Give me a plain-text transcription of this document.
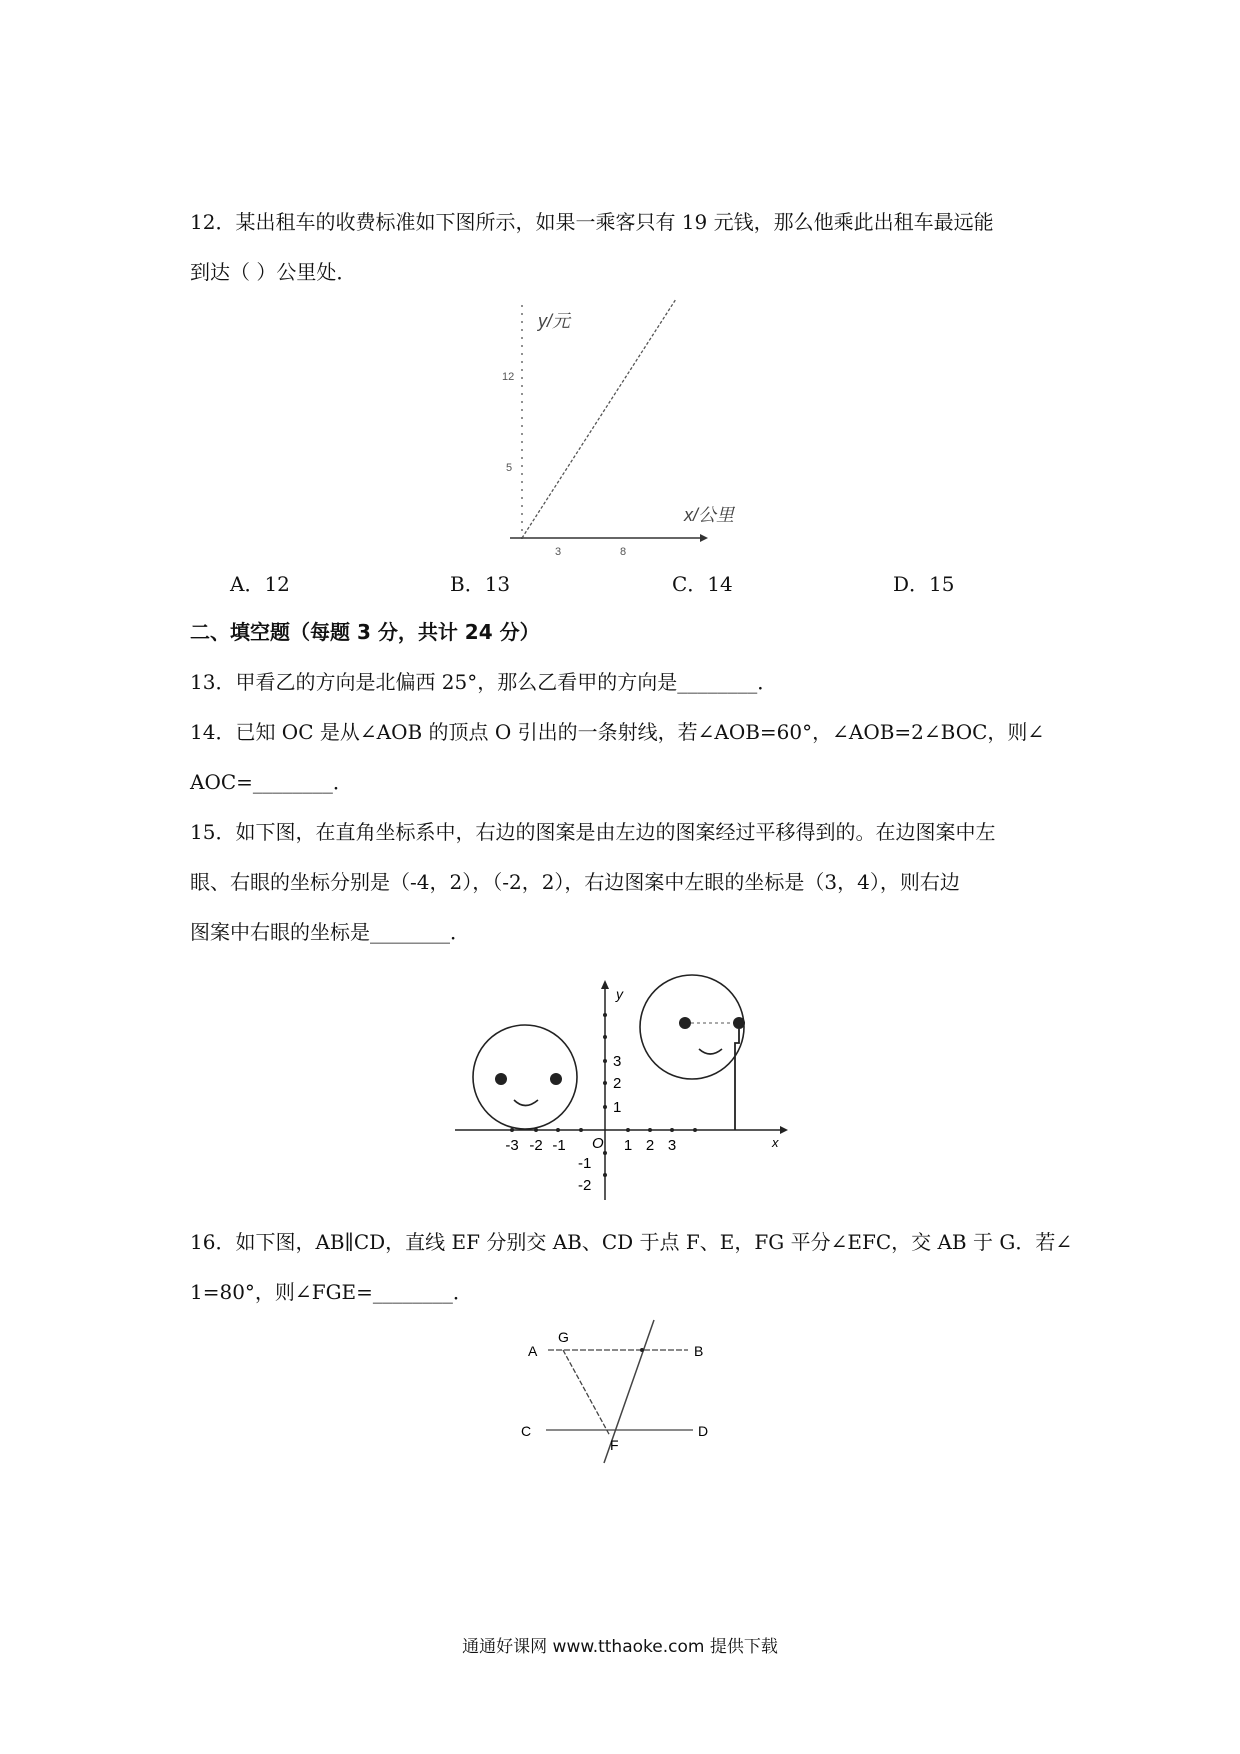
12．某出租车的收费标准如下图所示，如果一乘客只有 19 元钱，那么他乘此出租车最远能
到达（ ）公里处．
y/元
12
5
x/公里
3	8
A．12	B．13	C．14	D．15
二、填空题（每题 3 分，共计 24 分）
13．甲看乙的方向是北偏西 25°，那么乙看甲的方向是________．
14．已知 OC 是从∠AOB 的顶点 O 引出的一条射线，若∠AOB=60°，∠AOB=2∠BOC，则∠
AOC=________．
15．如下图，在直角坐标系中，右边的图案是由左边的图案经过平移得到的。在边图案中左
眼、右眼的坐标分别是（-4，2），（-2，2），右边图案中左眼的坐标是（3，4），则右边
图案中右眼的坐标是________．
-3 -2 -1 O 1 2 3	x
3
2
1
-1
-2
y
16．如下图，AB∥CD，直线 EF 分别交 AB、CD 于点 F、E，FG 平分∠EFC，交 AB 于 G．若∠
1=80°，则∠FGE=________．
A	B
G
C	D
F
通通好课网 www.tthaoke.com 提供下载
